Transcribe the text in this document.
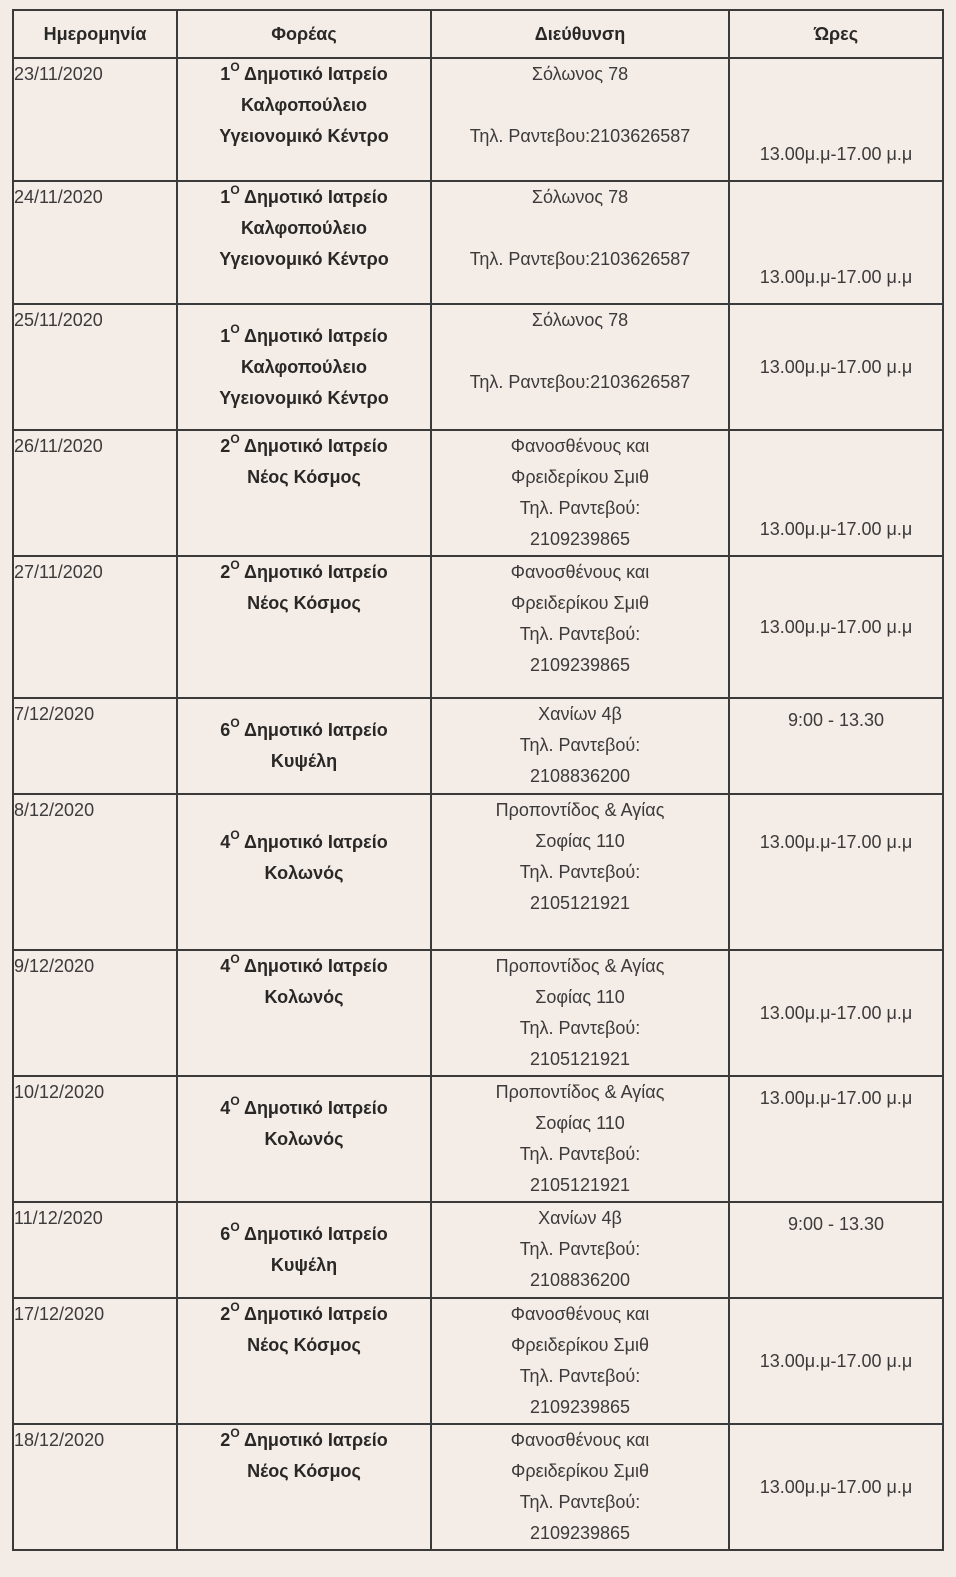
Ημερομηνία	Φορέας	Διεύθυνση	Ώρες
23/11/2020	$1^O$ Δημοτικό Ιατρείο
Καλφοπούλειο
Υγειονομικό Κέντρο	Σόλωνος 78
Τηλ. Ραντεβου:2103626587	13.00μ.μ-17.00 μ.μ
24/11/2020	$1^O$ Δημοτικό Ιατρείο
Καλφοπούλειο
Υγειονομικό Κέντρο	Σόλωνος 78
Τηλ. Ραντεβου:2103626587	13.00μ.μ-17.00 μ.μ
25/11/2020	$1^O$ Δημοτικό Ιατρείο
Καλφοπούλειο
Υγειονομικό Κέντρο	Σόλωνος 78
Τηλ. Ραντεβου:2103626587	13.00μ.μ-17.00 μ.μ
26/11/2020	$2^O$ Δημοτικό Ιατρείο
Νέος Κόσμος	Φανοσθένους και
Φρειδερίκου Σμιθ
Τηλ. Ραντεβού:
2109239865	13.00μ.μ-17.00 μ.μ
27/11/2020	$2^O$ Δημοτικό Ιατρείο
Νέος Κόσμος	Φανοσθένους και
Φρειδερίκου Σμιθ
Τηλ. Ραντεβού:
2109239865	13.00μ.μ-17.00 μ.μ
7/12/2020	$6^O$ Δημοτικό Ιατρείο
Κυψέλη	Χανίων 4β
Τηλ. Ραντεβού:
2108836200	9:00 - 13.30
8/12/2020	$4^O$ Δημοτικό Ιατρείο
Κολωνός	Προποντίδος & Αγίας
Σοφίας 110
Τηλ. Ραντεβού:
2105121921	13.00μ.μ-17.00 μ.μ
9/12/2020	$4^O$ Δημοτικό Ιατρείο
Κολωνός	Προποντίδος & Αγίας
Σοφίας 110
Τηλ. Ραντεβού:
2105121921	13.00μ.μ-17.00 μ.μ
10/12/2020	$4^O$ Δημοτικό Ιατρείο
Κολωνός	Προποντίδος & Αγίας
Σοφίας 110
Τηλ. Ραντεβού:
2105121921	13.00μ.μ-17.00 μ.μ
11/12/2020	$6^O$ Δημοτικό Ιατρείο
Κυψέλη	Χανίων 4β
Τηλ. Ραντεβού:
2108836200	9:00 - 13.30
17/12/2020	$2^O$ Δημοτικό Ιατρείο
Νέος Κόσμος	Φανοσθένους και
Φρειδερίκου Σμιθ
Τηλ. Ραντεβού:
2109239865	13.00μ.μ-17.00 μ.μ
18/12/2020	$2^O$ Δημοτικό Ιατρείο
Νέος Κόσμος	Φανοσθένους και
Φρειδερίκου Σμιθ
Τηλ. Ραντεβού:
2109239865	13.00μ.μ-17.00 μ.μ
